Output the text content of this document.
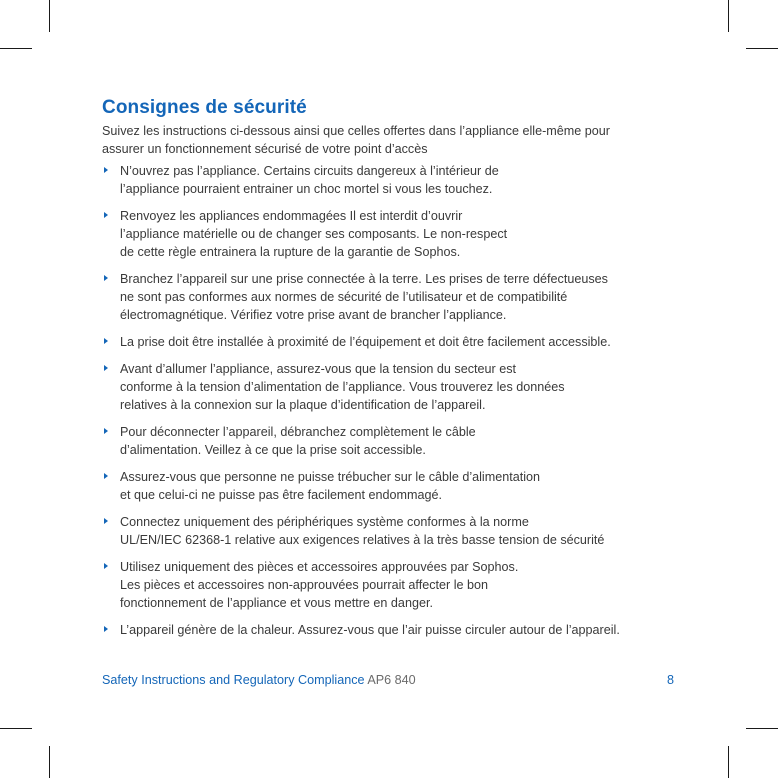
Consignes de sécurité

Suivez les instructions ci-dessous ainsi que celles offertes dans l’appliance elle-même pour
assurer un fonctionnement sécurisé de votre point d’accès

N’ouvrez pas l’appliance. Certains circuits dangereux à l’intérieur de
l’appliance pourraient entrainer un choc mortel si vous les touchez.
Renvoyez les appliances endommagées Il est interdit d’ouvrir
l’appliance matérielle ou de changer ses composants. Le non-respect
de cette règle entrainera la rupture de la garantie de Sophos.
Branchez l’appareil sur une prise connectée à la terre. Les prises de terre défectueuses
ne sont pas conformes aux normes de sécurité de l’utilisateur et de compatibilité
électromagnétique. Vérifiez votre prise avant de brancher l’appliance.
La prise doit être installée à proximité de l’équipement et doit être facilement accessible.
Avant d’allumer l’appliance, assurez-vous que la tension du secteur est
conforme à la tension d’alimentation de l’appliance. Vous trouverez les données
relatives à la connexion sur la plaque d’identification de l’appareil.
Pour déconnecter l’appareil, débranchez complètement le câble
d’alimentation. Veillez à ce que la prise soit accessible.
Assurez-vous que personne ne puisse trébucher sur le câble d’alimentation
et que celui-ci ne puisse pas être facilement endommagé.
Connectez uniquement des périphériques système conformes à la norme
UL/EN/IEC 62368-1 relative aux exigences relatives à la très basse tension de sécurité
Utilisez uniquement des pièces et accessoires approuvées par Sophos.
Les pièces et accessoires non-approuvées pourrait affecter le bon
fonctionnement de l’appliance et vous mettre en danger.
L’appareil génère de la chaleur. Assurez-vous que l’air puisse circuler autour de l’appareil.
Safety Instructions and Regulatory Compliance AP6 840	8
